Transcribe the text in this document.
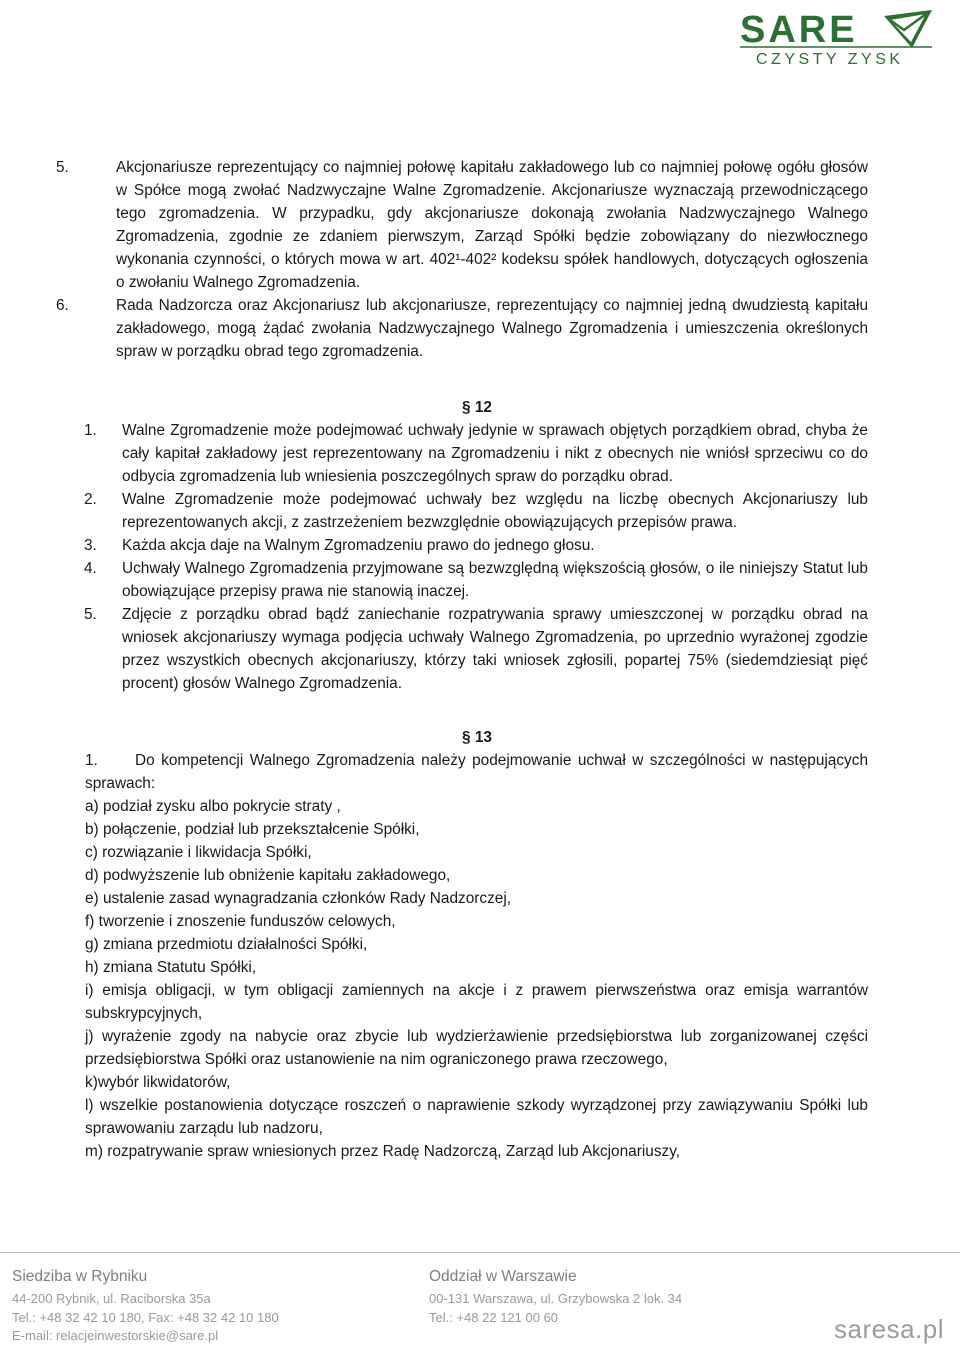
SARE
CZYSTY ZYSK
5.	Akcjonariusze reprezentujący co najmniej połowę kapitału zakładowego lub co najmniej połowę ogółu głosów w Spółce mogą zwołać Nadzwyczajne Walne Zgromadzenie. Akcjonariusze wyznaczają przewodniczącego tego zgromadzenia. W przypadku, gdy akcjonariusze dokonają zwołania Nadzwyczajnego Walnego Zgromadzenia, zgodnie ze zdaniem pierwszym, Zarząd Spółki będzie zobowiązany do niezwłocznego wykonania czynności, o których mowa w art. 402¹-402² kodeksu spółek handlowych, dotyczących ogłoszenia o zwołaniu Walnego Zgromadzenia.
6.	Rada Nadzorcza oraz Akcjonariusz lub akcjonariusze, reprezentujący co najmniej jedną dwudziestą kapitału zakładowego, mogą żądać zwołania Nadzwyczajnego Walnego Zgromadzenia i umieszczenia określonych spraw w porządku obrad tego zgromadzenia.
§ 12
1. Walne Zgromadzenie może podejmować uchwały jedynie w sprawach objętych porządkiem obrad, chyba że cały kapitał zakładowy jest reprezentowany na Zgromadzeniu i nikt z obecnych nie wniósł sprzeciwu co do odbycia zgromadzenia lub wniesienia poszczególnych spraw do porządku obrad.
2. Walne Zgromadzenie może podejmować uchwały bez względu na liczbę obecnych Akcjonariuszy lub reprezentowanych akcji, z zastrzeżeniem bezwzględnie obowiązujących przepisów prawa.
3. Każda akcja daje na Walnym Zgromadzeniu prawo do jednego głosu.
4. Uchwały Walnego Zgromadzenia przyjmowane są bezwzględną większością głosów, o ile niniejszy Statut lub obowiązujące przepisy prawa nie stanowią inaczej.
5. Zdjęcie z porządku obrad bądź zaniechanie rozpatrywania sprawy umieszczonej w porządku obrad na wniosek akcjonariuszy wymaga podjęcia uchwały Walnego Zgromadzenia, po uprzednio wyrażonej zgodzie przez wszystkich obecnych akcjonariuszy, którzy taki wniosek zgłosili, popartej 75% (siedemdziesiąt pięć procent) głosów Walnego Zgromadzenia.
§ 13
1. Do kompetencji Walnego Zgromadzenia należy podejmowanie uchwał w szczególności w następujących sprawach:
a) podział zysku albo pokrycie straty ,
b) połączenie, podział lub przekształcenie Spółki,
c) rozwiązanie i likwidacja Spółki,
d) podwyższenie lub obniżenie kapitału zakładowego,
e) ustalenie zasad wynagradzania członków Rady Nadzorczej,
f) tworzenie i znoszenie funduszów celowych,
g) zmiana przedmiotu działalności Spółki,
h) zmiana Statutu Spółki,
i) emisja obligacji, w tym obligacji zamiennych na akcje i z prawem pierwszeństwa oraz emisja warrantów subskrypcyjnych,
j) wyrażenie zgody na nabycie oraz zbycie lub wydzierżawienie przedsiębiorstwa lub zorganizowanej części przedsiębiorstwa Spółki oraz ustanowienie na nim ograniczonego prawa rzeczowego,
k)wybór likwidatorów,
l) wszelkie postanowienia dotyczące roszczeń o naprawienie szkody wyrządzonej przy zawiązywaniu Spółki lub sprawowaniu zarządu lub nadzoru,
m) rozpatrywanie spraw wniesionych przez Radę Nadzorczą, Zarząd lub Akcjonariuszy,
Siedziba w Rybniku
44-200 Rybnik, ul. Raciborska 35a
Tel.: +48 32 42 10 180, Fax: +48 32 42 10 180
E-mail: relacjeinwestorskie@sare.pl
Oddział w Warszawie
00-131 Warszawa, ul. Grzybowska 2 lok. 34
Tel.: +48 22 121 00 60	saresa.pl
